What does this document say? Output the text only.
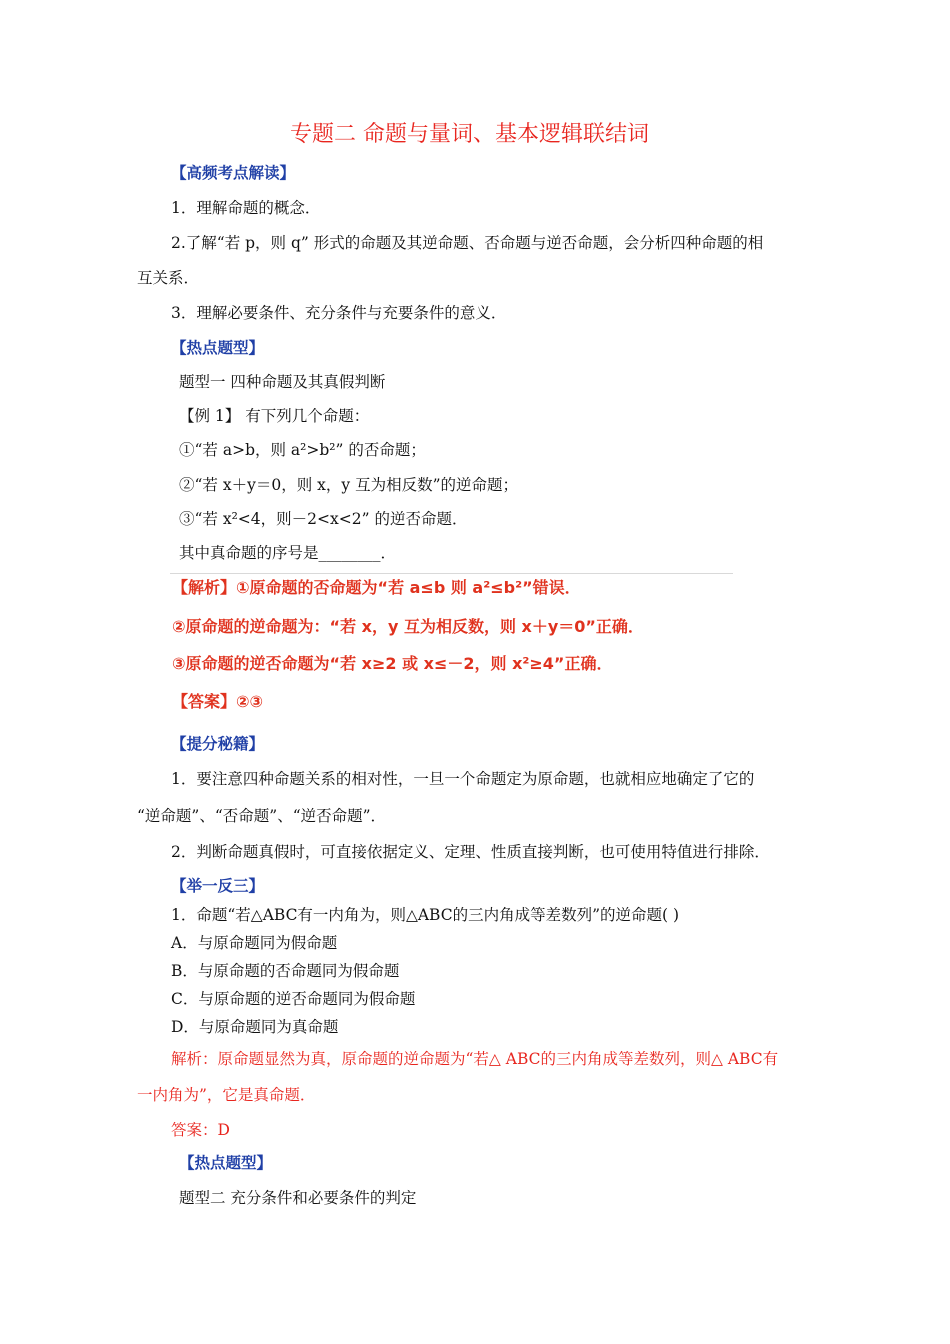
专题二 命题与量词、基本逻辑联结词
【高频考点解读】
1．理解命题的概念．
2.了解“若 p，则 q” 形式的命题及其逆命题、否命题与逆否命题，会分析四种命题的相
互关系．
3．理解必要条件、充分条件与充要条件的意义．
【热点题型】
题型一 四种命题及其真假判断
【例 1】 有下列几个命题：
①“若 a>b，则 a²>b²” 的否命题；
②“若 x＋y＝0，则 x，y 互为相反数”的逆命题；
③“若 x²<4，则－2<x<2” 的逆否命题．
其中真命题的序号是________．
【解析】①原命题的否命题为“若 a≤b 则 a²≤b²”错误．
②原命题的逆命题为：“若 x，y 互为相反数，则 x＋y＝0”正确．
③原命题的逆否命题为“若 x≥2 或 x≤－2，则 x²≥4”正确．
【答案】②③
【提分秘籍】
1．要注意四种命题关系的相对性，一旦一个命题定为原命题，也就相应地确定了它的
“逆命题”、“否命题”、“逆否命题”．
2．判断命题真假时，可直接依据定义、定理、性质直接判断，也可使用特值进行排除．
【举一反三】
1．命题“若△ABC有一内角为，则△ABC的三内角成等差数列”的逆命题( )
A．与原命题同为假命题
B．与原命题的否命题同为假命题
C．与原命题的逆否命题同为假命题
D．与原命题同为真命题
解析：原命题显然为真，原命题的逆命题为“若△ ABC的三内角成等差数列，则△ ABC有
一内角为”，它是真命题．
答案：D
【热点题型】
题型二 充分条件和必要条件的判定
